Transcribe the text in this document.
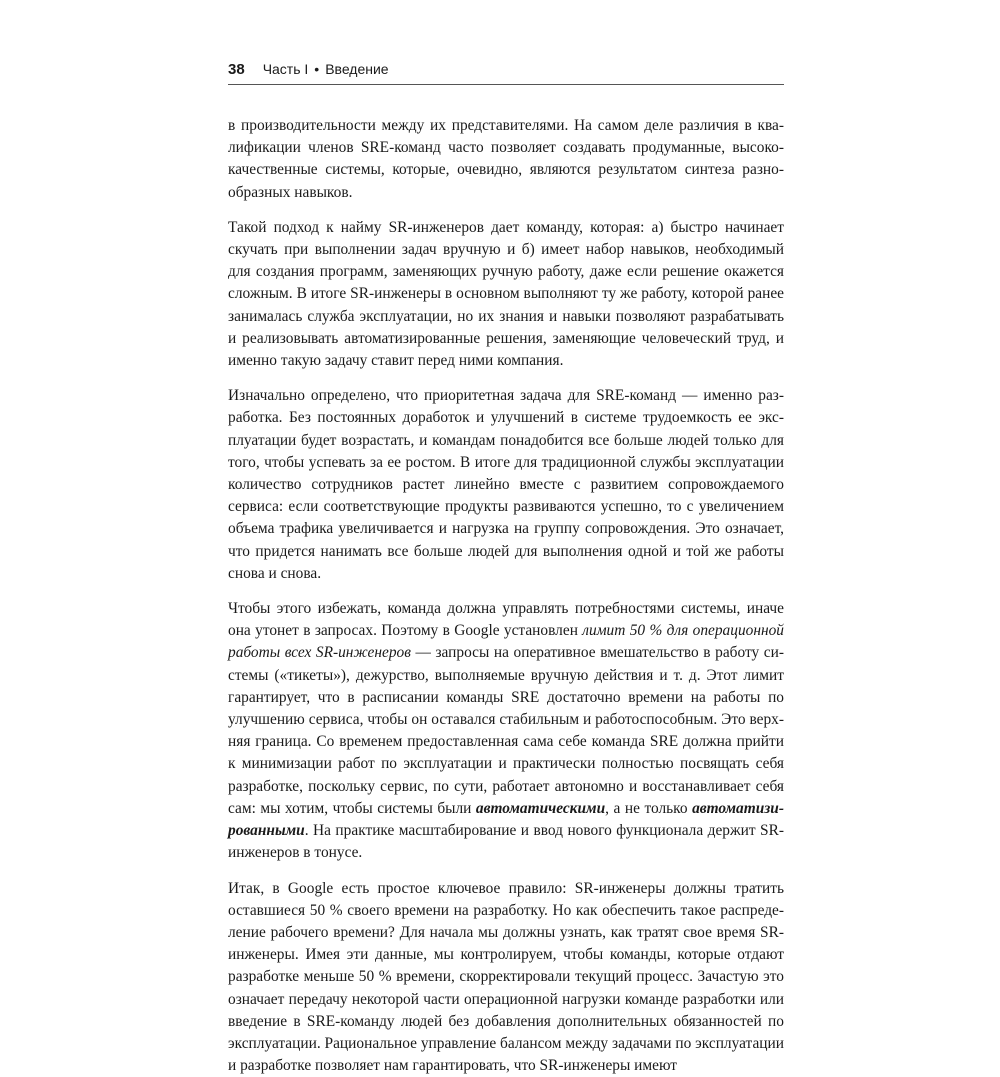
38 Часть I • Введение

в производительности между их представителями. На самом деле различия в квалификации членов SRE-команд часто позволяет создавать продуманные, высококачественные системы, которые, очевидно, являются результатом синтеза разнообразных навыков.

Такой подход к найму SR-инженеров дает команду, которая: а) быстро начинает скучать при выполнении задач вручную и б) имеет набор навыков, необходимый для создания программ, заменяющих ручную работу, даже если решение окажется сложным. В итоге SR-инженеры в основном выполняют ту же работу, которой ранее занималась служба эксплуатации, но их знания и навыки позволяют разрабатывать и реализовывать автоматизированные решения, заменяющие человеческий труд, и именно такую задачу ставит перед ними компания.

Изначально определено, что приоритетная задача для SRE-команд — именно разработка. Без постоянных доработок и улучшений в системе трудоемкость ее эксплуатации будет возрастать, и командам понадобится все больше людей только для того, чтобы успевать за ее ростом. В итоге для традиционной службы эксплуатации количество сотрудников растет линейно вместе с развитием сопровождаемого сервиса: если соответствующие продукты развиваются успешно, то с увеличением объема трафика увеличивается и нагрузка на группу сопровождения. Это означает, что придется нанимать все больше людей для выполнения одной и той же работы снова и снова.

Чтобы этого избежать, команда должна управлять потребностями системы, иначе она утонет в запросах. Поэтому в Google установлен лимит 50 % для операционной работы всех SR-инженеров — запросы на оперативное вмешательство в работу системы («тикеты»), дежурство, выполняемые вручную действия и т. д. Этот лимит гарантирует, что в расписании команды SRE достаточно времени на работы по улучшению сервиса, чтобы он оставался стабильным и работоспособным. Это верхняя граница. Со временем предоставленная сама себе команда SRE должна прийти к минимизации работ по эксплуатации и практически полностью посвящать себя разработке, поскольку сервис, по сути, работает автономно и восстанавливает себя сам: мы хотим, чтобы системы были автоматическими, а не только автоматизированными. На практике масштабирование и ввод нового функционала держит SR-инженеров в тонусе.

Итак, в Google есть простое ключевое правило: SR-инженеры должны тратить оставшиеся 50 % своего времени на разработку. Но как обеспечить такое распределение рабочего времени? Для начала мы должны узнать, как тратят свое время SR-инженеры. Имея эти данные, мы контролируем, чтобы команды, которые отдают разработке меньше 50 % времени, скорректировали текущий процесс. Зачастую это означает передачу некоторой части операционной нагрузки команде разработки или введение в SRE-команду людей без добавления дополнительных обязанностей по эксплуатации. Рациональное управление балансом между задачами по эксплуатации и разработке позволяет нам гарантировать, что SR-инженеры имеют
